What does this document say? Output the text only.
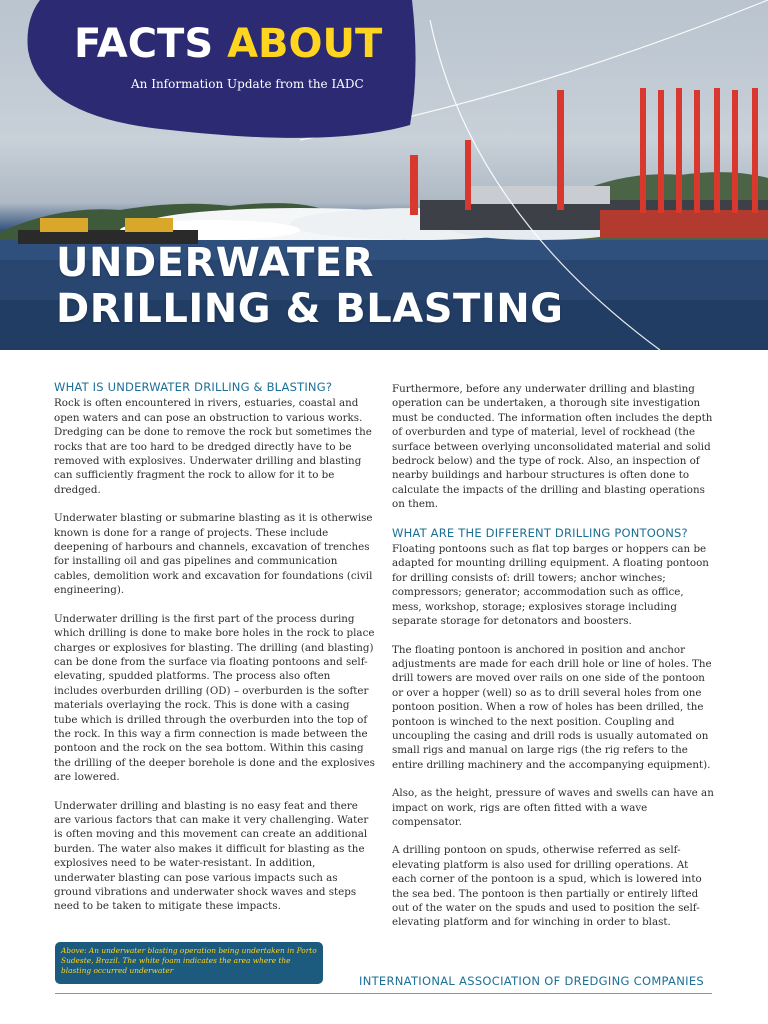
FACTS ABOUT
An Information Update from the IADC
UNDERWATER
DRILLING & BLASTING
WHAT IS UNDERWATER DRILLING & BLASTING?

Rock is often encountered in rivers, estuaries, coastal and open waters and can pose an obstruction to various works. Dredging can be done to remove the rock but sometimes the rocks that are too hard to be dredged directly have to be removed with explosives. Underwater drilling and blasting can sufficiently fragment the rock to allow for it to be dredged.

Underwater blasting or submarine blasting as it is otherwise known is done for a range of projects. These include deepening of harbours and channels, excavation of trenches for installing oil and gas pipelines and communication cables, demolition work and excavation for foundations (civil engineering).

Underwater drilling is the first part of the process during which drilling is done to make bore holes in the rock to place charges or explosives for blasting. The drilling (and blasting) can be done from the surface via floating pontoons and self-elevating, spudded platforms. The process also often includes overburden drilling (OD) – overburden is the softer materials overlaying the rock. This is done with a casing tube which is drilled through the overburden into the top of the rock. In this way a firm connection is made between the pontoon and the rock on the sea bottom. Within this casing the drilling of the deeper borehole is done and the explosives are lowered.

Underwater drilling and blasting is no easy feat and there are various factors that can make it very challenging. Water is often moving and this movement can create an additional burden. The water also makes it difficult for blasting as the explosives need to be water-resistant. In addition, underwater blasting can pose various impacts such as ground vibrations and underwater shock waves and steps need to be taken to mitigate these impacts.

Furthermore, before any underwater drilling and blasting operation can be undertaken, a thorough site investigation must be conducted. The information often includes the depth of overburden and type of material, level of rockhead (the surface between overlying unconsolidated material and solid bedrock below) and the type of rock. Also, an inspection of nearby buildings and harbour structures is often done to calculate the impacts of the drilling and blasting operations on them.

WHAT ARE THE DIFFERENT DRILLING PONTOONS?

Floating pontoons such as flat top barges or hoppers can be adapted for mounting drilling equipment. A floating pontoon for drilling consists of: drill towers; anchor winches; compressors; generator; accommodation such as office, mess, workshop, storage; explosives storage including separate storage for detonators and boosters.

The floating pontoon is anchored in position and anchor adjustments are made for each drill hole or line of holes. The drill towers are moved over rails on one side of the pontoon or over a hopper (well) so as to drill several holes from one pontoon position. When a row of holes has been drilled, the pontoon is winched to the next position. Coupling and uncoupling the casing and drill rods is usually automated on small rigs and manual on large rigs (the rig refers to the entire drilling machinery and the accompanying equipment).

Also, as the height, pressure of waves and swells can have an impact on work, rigs are often fitted with a wave compensator.

A drilling pontoon on spuds, otherwise referred as self-elevating platform is also used for drilling operations. At each corner of the pontoon is a spud, which is lowered into the sea bed. The pontoon is then partially or entirely lifted out of the water on the spuds and used to position the self-elevating platform and for winching in order to blast.

Above: An underwater blasting operation being undertaken in Porto Sudeste, Brazil. The white foam indicates the area where the blasting occurred underwater
INTERNATIONAL ASSOCIATION OF DREDGING COMPANIES
